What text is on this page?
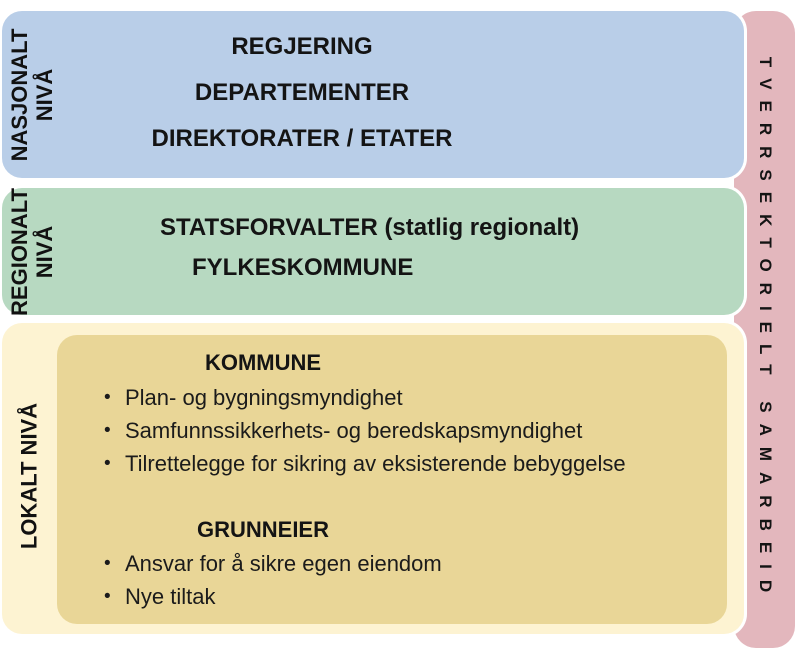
TVERRSEKTORIELT SAMARBEID
NASJONALT NIVÅ
REGJERING
DEPARTEMENTER
DIREKTORATER / ETATER
REGIONALT NIVÅ	STATSFORVALTER (statlig regionalt)
FYLKESKOMMUNE
LOKALT NIVÅ
KOMMUNE
• Plan- og bygningsmyndighet
• Samfunnssikkerhets- og beredskapsmyndighet
• Tilrettelegge for sikring av eksisterende bebyggelse
GRUNNEIER
• Ansvar for å sikre egen eiendom
• Nye tiltak
